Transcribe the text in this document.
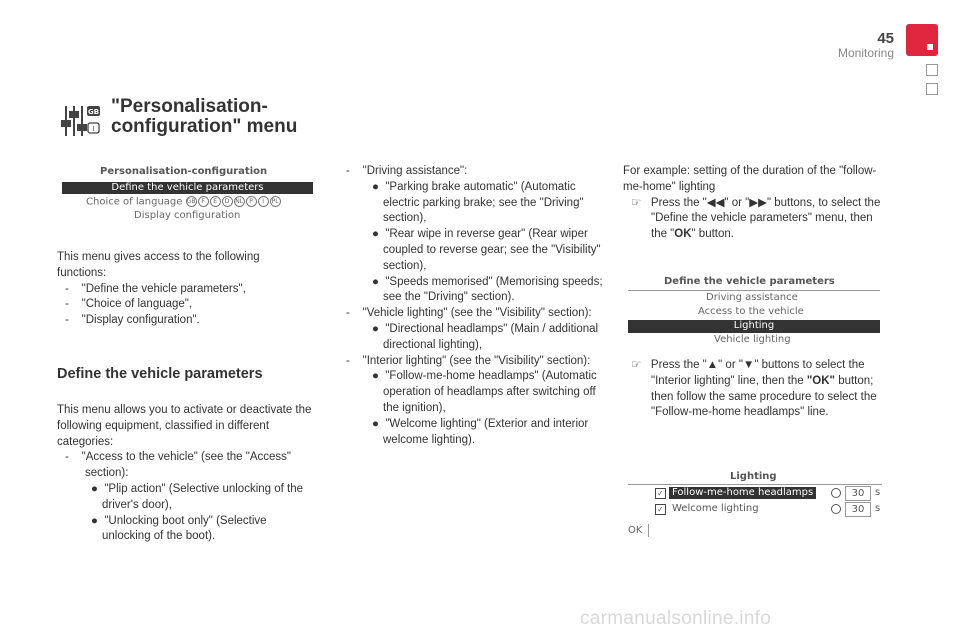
45
Monitoring
GB
I
"Personalisation-
configuration" menu
Personalisation-configuration
Define the vehicle parameters
Choice of language GB F E D NL P I PL
Display configuration

This menu gives access to the following functions:

-    "Define the vehicle parameters",

-    "Choice of language",

-    "Display configuration".

Define the vehicle parameters

This menu allows you to activate or deactivate the following equipment, classified in different categories:

-    "Access to the vehicle" (see the "Access" section):

●  "Plip action" (Selective unlocking of the driver's door),

●  "Unlocking boot only" (Selective unlocking of the boot).

-    "Driving assistance":

●  "Parking brake automatic" (Automatic electric parking brake; see the "Driving" section),

●  "Rear wipe in reverse gear" (Rear wiper coupled to reverse gear; see the "Visibility" section),

●  "Speeds memorised" (Memorising speeds; see the "Driving" section).

-    "Vehicle lighting" (see the "Visibility" section):

●  "Directional headlamps" (Main / additional directional lighting),

-    "Interior lighting" (see the "Visibility" section):

●  "Follow-me-home headlamps" (Automatic operation of headlamps after switching off the ignition),

●  "Welcome lighting" (Exterior and interior welcome lighting).

For example: setting of the duration of the "follow-me-home" lighting

☞ Press the "◀◀" or "▶▶" buttons, to select the "Define the vehicle parameters" menu, then the "OK" button.

Define the vehicle parameters
Driving assistance
Access to the vehicle
Lighting
Vehicle lighting

☞ Press the "▲" or "▼" buttons to select the "Interior lighting" line, then the "OK" button; then follow the same procedure to select the "Follow-me-home headlamps" line.

Lighting
✓ Follow-me-home headlamps	30	s
✓ Welcome lighting	30	s
OK
carmanualsonline.info
